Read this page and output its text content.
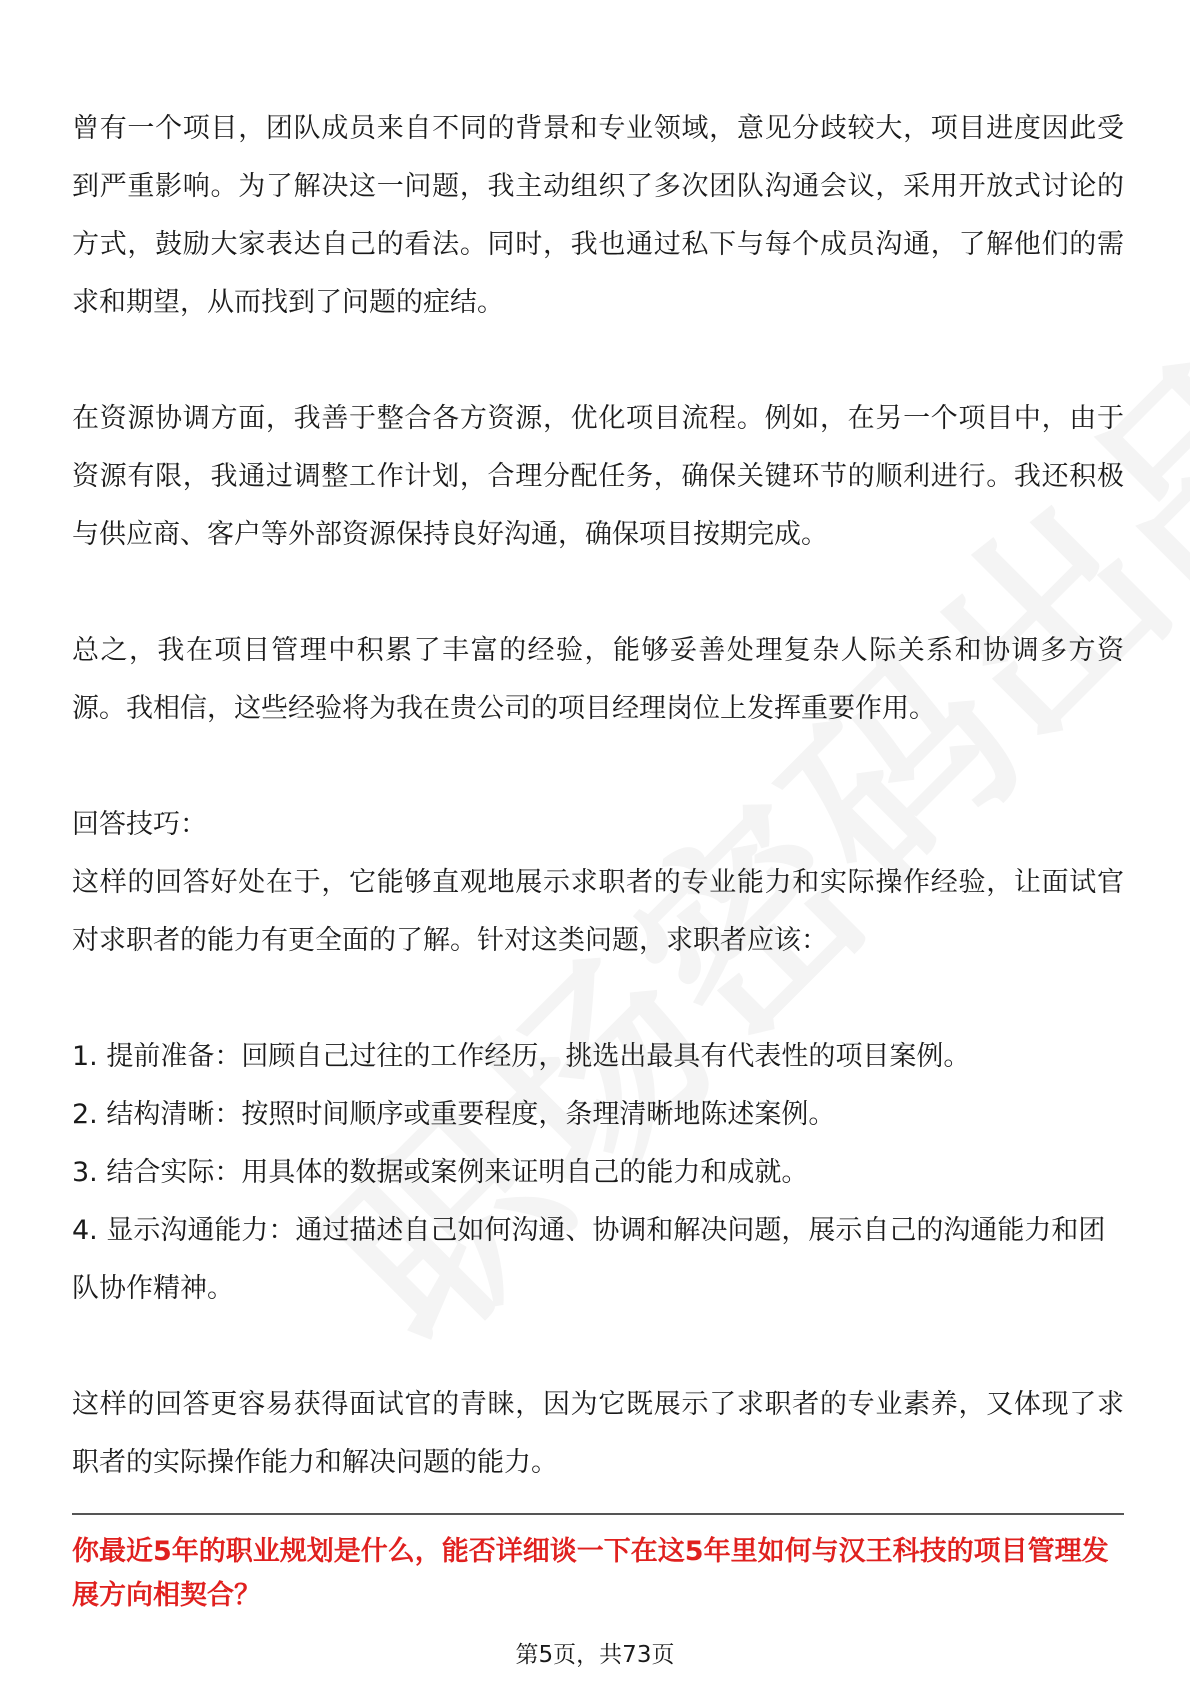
曾有一个项目，团队成员来自不同的背景和专业领域，意见分歧较大，项目进度因此受到严重影响。为了解决这一问题，我主动组织了多次团队沟通会议，采用开放式讨论的方式，鼓励大家表达自己的看法。同时，我也通过私下与每个成员沟通，了解他们的需求和期望，从而找到了问题的症结。

在资源协调方面，我善于整合各方资源，优化项目流程。例如，在另一个项目中，由于资源有限，我通过调整工作计划，合理分配任务，确保关键环节的顺利进行。我还积极与供应商、客户等外部资源保持良好沟通，确保项目按期完成。

总之，我在项目管理中积累了丰富的经验，能够妥善处理复杂人际关系和协调多方资源。我相信，这些经验将为我在贵公司的项目经理岗位上发挥重要作用。

回答技巧：

这样的回答好处在于，它能够直观地展示求职者的专业能力和实际操作经验，让面试官对求职者的能力有更全面的了解。针对这类问题，求职者应该：

1. 提前准备：回顾自己过往的工作经历，挑选出最具有代表性的项目案例。

2. 结构清晰：按照时间顺序或重要程度，条理清晰地陈述案例。

3. 结合实际：用具体的数据或案例来证明自己的能力和成就。

4. 显示沟通能力：通过描述自己如何沟通、协调和解决问题，展示自己的沟通能力和团队协作精神。

这样的回答更容易获得面试官的青睐，因为它既展示了求职者的专业素养，又体现了求职者的实际操作能力和解决问题的能力。

你最近5年的职业规划是什么，能否详细谈一下在这5年里如何与汉王科技的项目管理发展方向相契合？

第5页，共73页
